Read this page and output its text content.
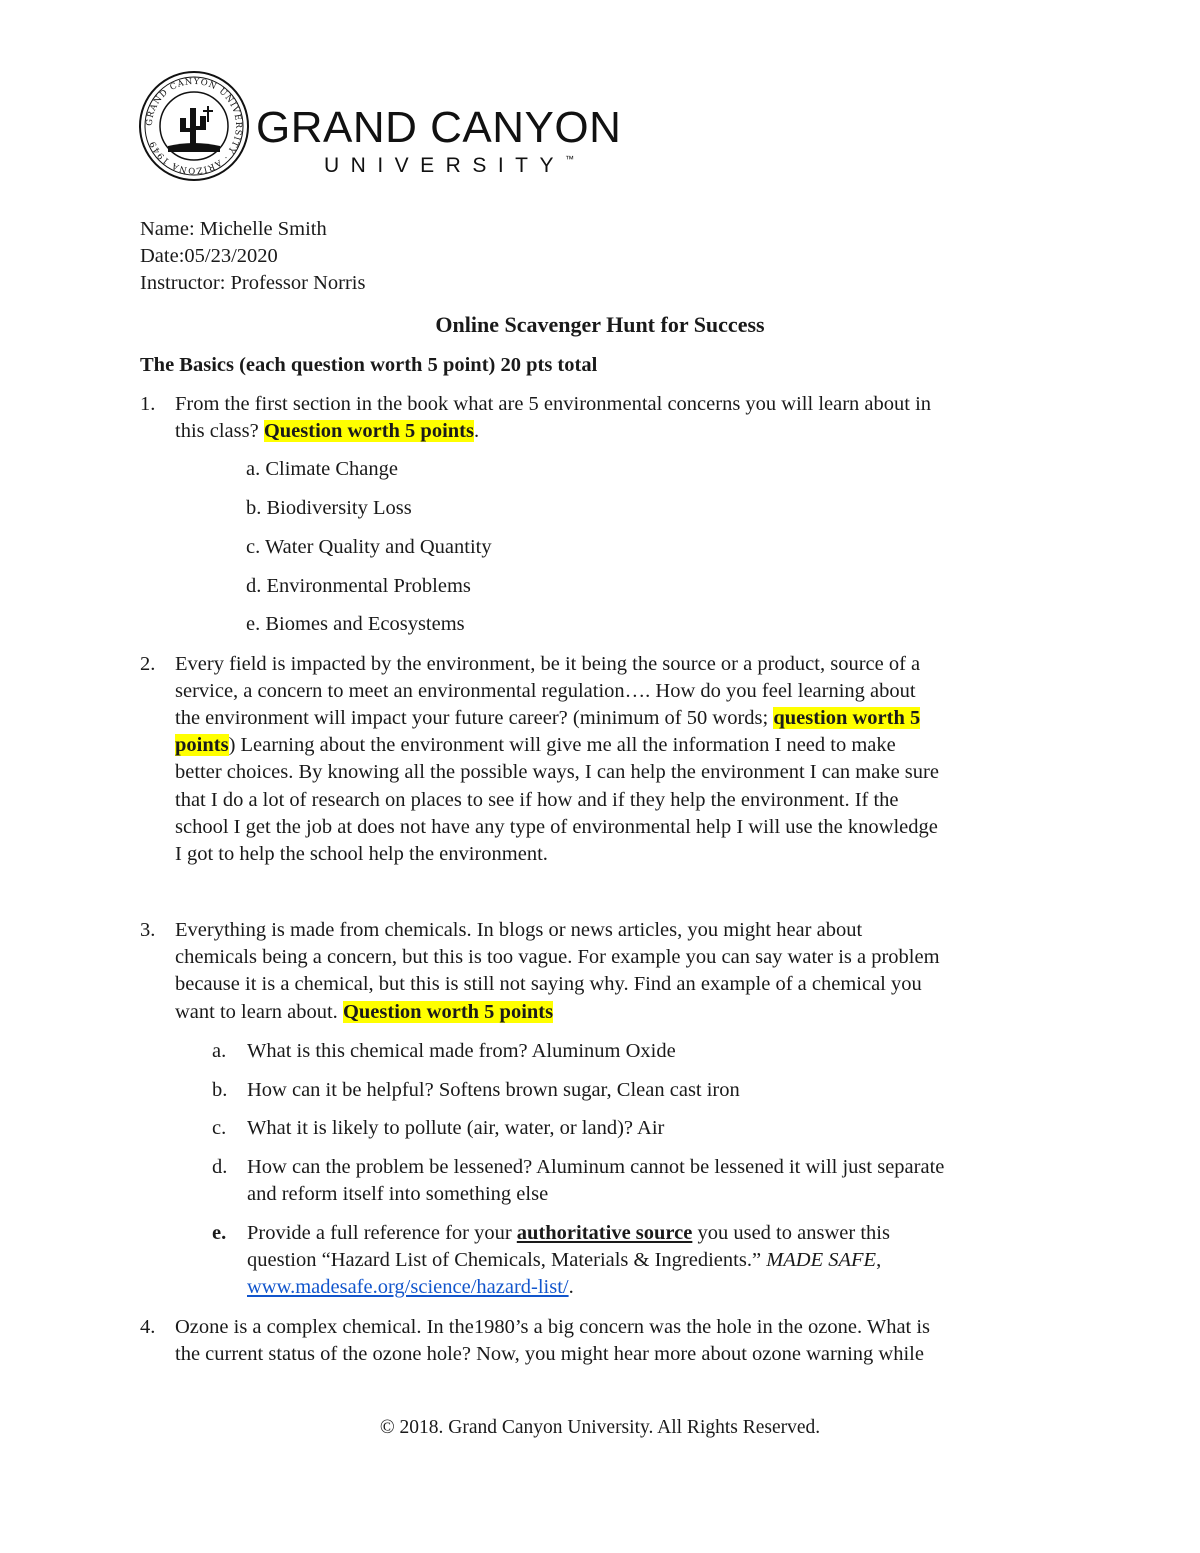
GRAND CANYON UNIVERSITY · ARIZONA 1949	GRAND CANYON
UNIVERSITY™
Name: Michelle Smith
Date:05/23/2020
Instructor: Professor Norris
Online Scavenger Hunt for Success
The Basics (each question worth 5 point) 20 pts total
1. From the first section in the book what are 5 environmental concerns you will learn about in
this class? Question worth 5 points.
a. Climate Change
b. Biodiversity Loss
c. Water Quality and Quantity
d. Environmental Problems
e. Biomes and Ecosystems
2. Every field is impacted by the environment, be it being the source or a product, source of a
service, a concern to meet an environmental regulation…. How do you feel learning about
the environment will impact your future career? (minimum of 50 words; question worth 5
points) Learning about the environment will give me all the information I need to make
better choices. By knowing all the possible ways, I can help the environment I can make sure
that I do a lot of research on places to see if how and if they help the environment. If the
school I get the job at does not have any type of environmental help I will use the knowledge
I got to help the school help the environment.
3. Everything is made from chemicals. In blogs or news articles, you might hear about
chemicals being a concern, but this is too vague. For example you can say water is a problem
because it is a chemical, but this is still not saying why. Find an example of a chemical you
want to learn about. Question worth 5 points
a. What is this chemical made from? Aluminum Oxide
b. How can it be helpful? Softens brown sugar, Clean cast iron
c. What it is likely to pollute (air, water, or land)? Air
d. How can the problem be lessened? Aluminum cannot be lessened it will just separate
and reform itself into something else
e. Provide a full reference for your authoritative source you used to answer this
question “Hazard List of Chemicals, Materials & Ingredients.” MADE SAFE,
www.madesafe.org/science/hazard-list/.
4. Ozone is a complex chemical. In the1980’s a big concern was the hole in the ozone. What is
the current status of the ozone hole? Now, you might hear more about ozone warning while
© 2018. Grand Canyon University. All Rights Reserved.
